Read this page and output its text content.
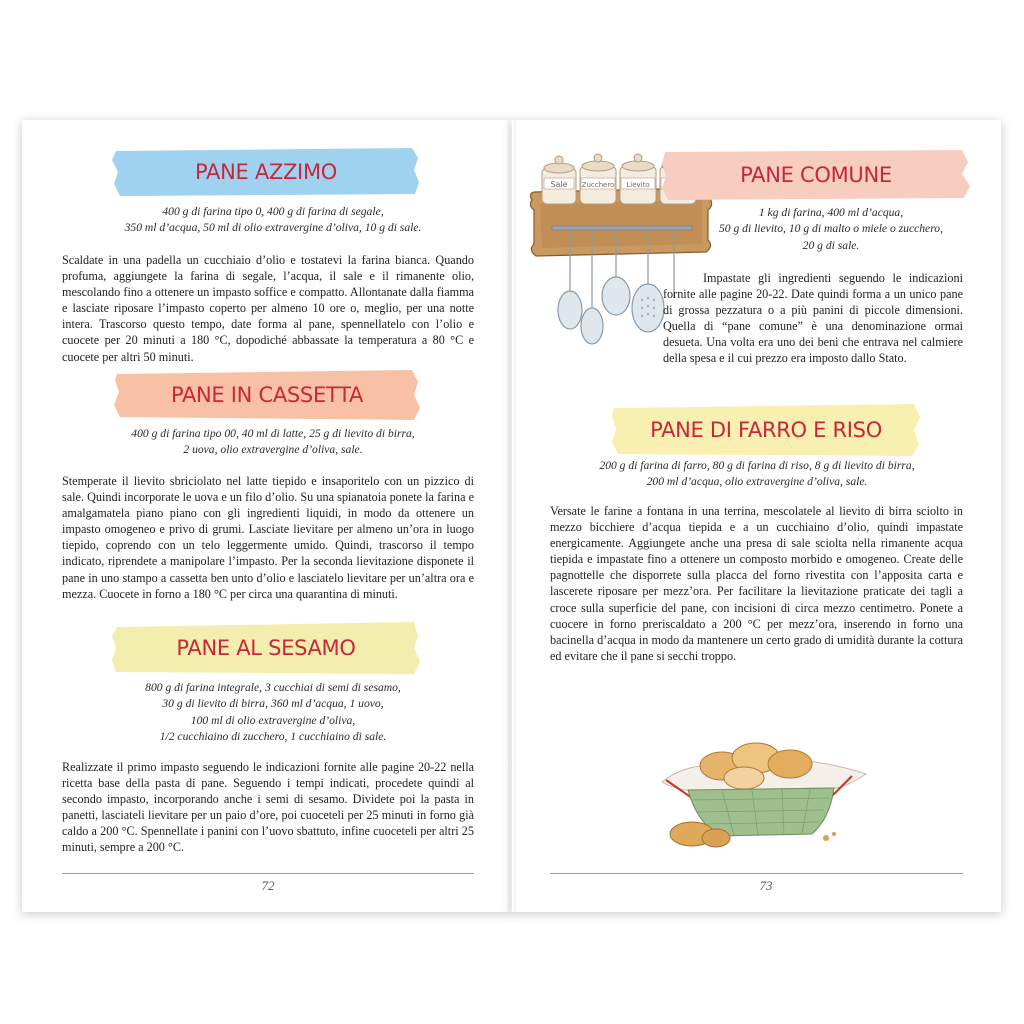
PANE AZZIMO
400 g di farina tipo 0, 400 g di farina di segale,
350 ml d’acqua, 50 ml di olio extravergine d’oliva, 10 g di sale.
Scaldate in una padella un cucchiaio d’olio e tostatevi la farina bianca. Quando profuma, aggiungete la farina di segale, l’acqua, il sale e il rimanente olio, mescolando fino a ottenere un impasto soffice e compatto. Allontanate dalla fiamma e lasciate riposare l’impasto coperto per almeno 10 ore o, meglio, per una notte intera. Trascorso questo tempo, date forma al pane, spennellatelo con l’olio e cuocete per 20 minuti a 180 °C, dopodiché abbassate la temperatura a 80 °C e cuocete per altri 50 minuti.
PANE IN CASSETTA
400 g di farina tipo 00, 40 ml di latte, 25 g di lievito di birra,
2 uova, olio extravergine d’oliva, sale.
Stemperate il lievito sbriciolato nel latte tiepido e insaporitelo con un pizzico di sale. Quindi incorporate le uova e un filo d’olio. Su una spianatoia ponete la farina e amalgamatela piano piano con gli ingredienti liquidi, in modo da ottenere un impasto omogeneo e privo di grumi. Lasciate lievitare per almeno un’ora in luogo tiepido, coprendo con un telo leggermente umido. Quindi, trascorso il tempo indicato, riprendete a manipolare l’impasto. Per la seconda lievitazione disponete il pane in uno stampo a cassetta ben unto d’olio e lasciatelo lievitare per un’altra ora e mezza. Cuocete in forno a 180 °C per circa una quarantina di minuti.
PANE AL SESAMO
800 g di farina integrale, 3 cucchiai di semi di sesamo,
30 g di lievito di birra, 360 ml d’acqua, 1 uovo,
100 ml di olio extravergine d’oliva,
1/2 cucchiaino di zucchero, 1 cucchiaino di sale.
Realizzate il primo impasto seguendo le indicazioni fornite alle pagine 20-22 nella ricetta base della pasta di pane. Seguendo i tempi indicati, procedete quindi al secondo impasto, incorporando anche i semi di sesamo. Dividete poi la pasta in panetti, lasciateli lievitare per un paio d’ore, poi cuoceteli per 25 minuti in forno già caldo a 200 °C. Spennellate i panini con l’uovo sbattuto, infine cuoceteli per altri 25 minuti, sempre a 200 °C.
72
Sale Zucchero Lievito	PANE COMUNE
1 kg di farina, 400 ml d’acqua,
50 g di lievito, 10 g di malto o miele o zucchero,
20 g di sale.
Impastate gli ingredienti seguendo le indicazioni fornite alle pagine 20-22. Date quindi forma a un unico pane di grossa pezzatura o a più panini di piccole dimensioni. Quella di “pane comune” è una denominazione ormai desueta. Una volta era uno dei beni che entrava nel calmiere della spesa e il cui prezzo era imposto dallo Stato.
PANE DI FARRO E RISO
200 g di farina di farro, 80 g di farina di riso, 8 g di lievito di birra,
200 ml d’acqua, olio extravergine d’oliva, sale.
Versate le farine a fontana in una terrina, mescolatele al lievito di birra sciolto in mezzo bicchiere d’acqua tiepida e a un cucchiaino d’olio, quindi impastate energicamente. Aggiungete anche una presa di sale sciolta nella rimanente acqua tiepida e impastate fino a ottenere un composto morbido e omogeneo. Create delle pagnottelle che disporrete sulla placca del forno rivestita con l’apposita carta e lascerete riposare per mezz’ora. Per facilitare la lievitazione praticate dei tagli a croce sulla superficie del pane, con incisioni di circa mezzo centimetro. Ponete a cuocere in forno preriscaldato a 200 °C per mezz’ora, inserendo in forno una bacinella d’acqua in modo da mantenere un certo grado di umidità durante la cottura ed evitare che il pane si secchi troppo.
73
